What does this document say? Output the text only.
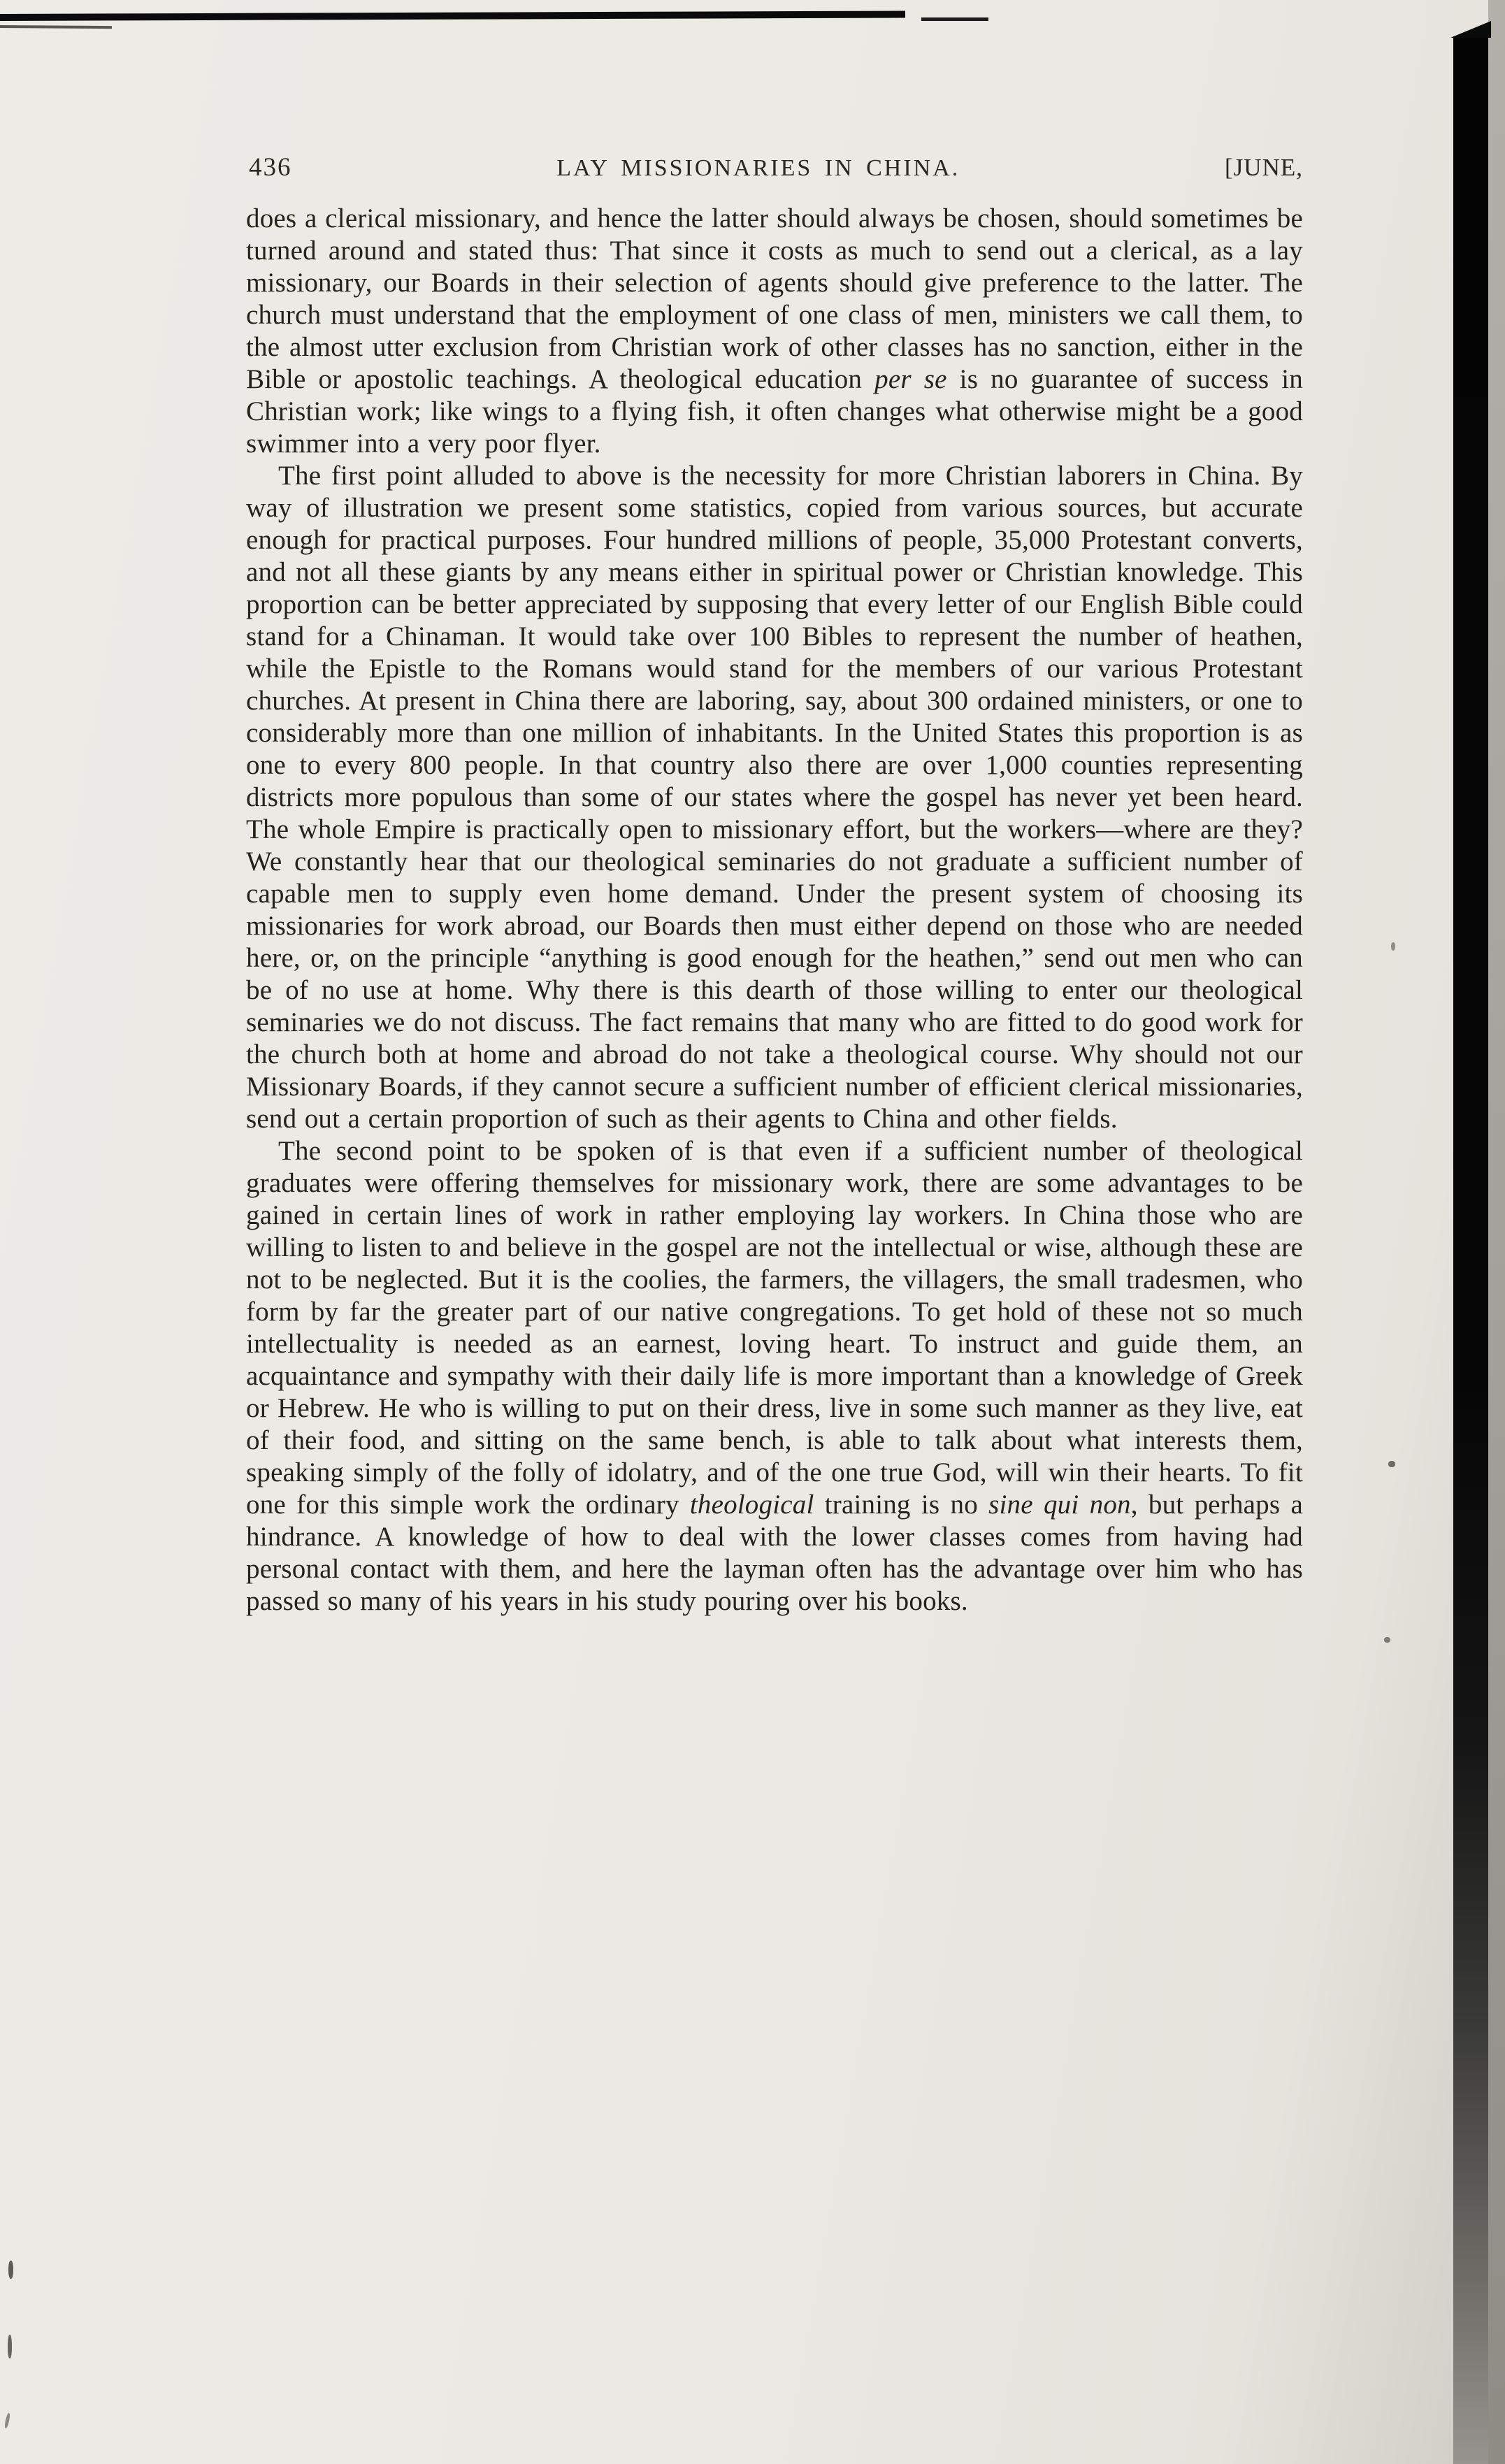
436	LAY MISSIONARIES IN CHINA.	[JUNE,

does a clerical missionary, and hence the latter should always be chosen, should sometimes be turned around and stated thus: That since it costs as much to send out a clerical, as a lay missionary, our Boards in their selection of agents should give preference to the latter. The church must understand that the employment of one class of men, ministers we call them, to the almost utter exclusion from Christian work of other classes has no sanction, either in the Bible or apostolic teachings. A theological education per se is no guarantee of success in Christian work; like wings to a flying fish, it often changes what otherwise might be a good swimmer into a very poor flyer.

The first point alluded to above is the necessity for more Christian laborers in China. By way of illustration we present some statistics, copied from various sources, but accurate enough for practical purposes. Four hundred millions of people, 35,000 Protestant converts, and not all these giants by any means either in spiritual power or Christian knowledge. This proportion can be better appreciated by supposing that every letter of our English Bible could stand for a Chinaman. It would take over 100 Bibles to represent the number of heathen, while the Epistle to the Romans would stand for the members of our various Protestant churches. At present in China there are laboring, say, about 300 ordained ministers, or one to considerably more than one million of inhabitants. In the United States this proportion is as one to every 800 people. In that country also there are over 1,000 counties representing districts more populous than some of our states where the gospel has never yet been heard. The whole Empire is practically open to missionary effort, but the workers—where are they? We constantly hear that our theological seminaries do not graduate a sufficient number of capable men to supply even home demand. Under the present system of choosing its missionaries for work abroad, our Boards then must either depend on those who are needed here, or, on the principle “anything is good enough for the heathen,” send out men who can be of no use at home. Why there is this dearth of those willing to enter our theological seminaries we do not discuss. The fact remains that many who are fitted to do good work for the church both at home and abroad do not take a theological course. Why should not our Missionary Boards, if they cannot secure a sufficient number of efficient clerical missionaries, send out a certain proportion of such as their agents to China and other fields.

The second point to be spoken of is that even if a sufficient number of theological graduates were offering themselves for missionary work, there are some advantages to be gained in certain lines of work in rather employing lay workers. In China those who are willing to listen to and believe in the gospel are not the intellectual or wise, although these are not to be neglected. But it is the coolies, the farmers, the villagers, the small tradesmen, who form by far the greater part of our native congregations. To get hold of these not so much intellectuality is needed as an earnest, loving heart. To instruct and guide them, an acquaintance and sympathy with their daily life is more important than a knowledge of Greek or Hebrew. He who is willing to put on their dress, live in some such manner as they live, eat of their food, and sitting on the same bench, is able to talk about what interests them, speaking simply of the folly of idolatry, and of the one true God, will win their hearts. To fit one for this simple work the ordinary theological training is no sine qui non, but perhaps a hindrance. A knowledge of how to deal with the lower classes comes from having had personal contact with them, and here the layman often has the advantage over him who has passed so many of his years in his study pouring over his books.
